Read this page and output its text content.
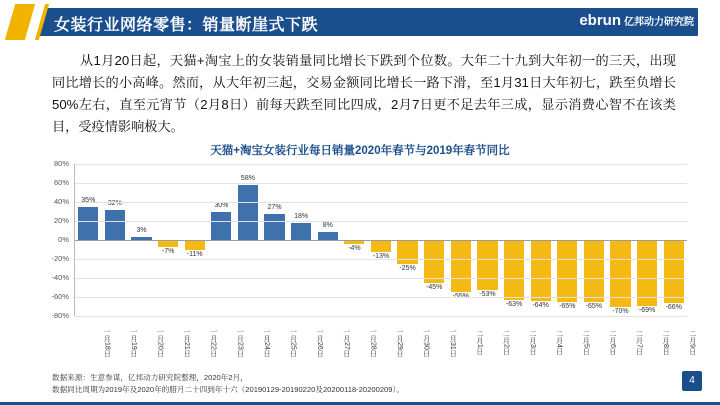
女装行业网络零售：销量断崖式下跌	ebrun 亿邦动力研究院
从1月20日起，天猫+淘宝上的女装销量同比增长下跌到个位数。大年二十九到大年初一的三天，出现同比增长的小高峰。然而，从大年初三起，交易金额同比增长一路下滑，至1月31日大年初七，跌至负增长50%左右，直至元宵节（2月8日）前每天跌至同比四成，2月7日更不足去年三成，显示消费心智不在该类目，受疫情影响极大。
天猫+淘宝女装行业每日销量2020年春节与2019年春节同比
35%
一月18日
32%
一月19日
3%
一月20日
-7%
一月21日
-11%
一月22日
30%
一月23日
58%
一月24日
27%
一月25日
18%
一月26日
8%
一月27日
-4%
一月28日
-13%
一月29日
-25%
一月30日
-45%
一月31日
-55%
二月1日
-53%
二月2日
-63%
二月3日
-64%
二月4日
-65%
二月5日
-65%
二月6日
-70%
二月7日
-69%
二月8日
-66%
二月9日
80%
60%
40%
20%
0%
-20%
-40%
-60%
-80%
数据来源：生意参谋，亿邦动力研究院整理，2020年2月，
数据同比周期为2019年及2020年的腊月二十四到年十六（20190129-20190220及20200118-20200209）。
4
